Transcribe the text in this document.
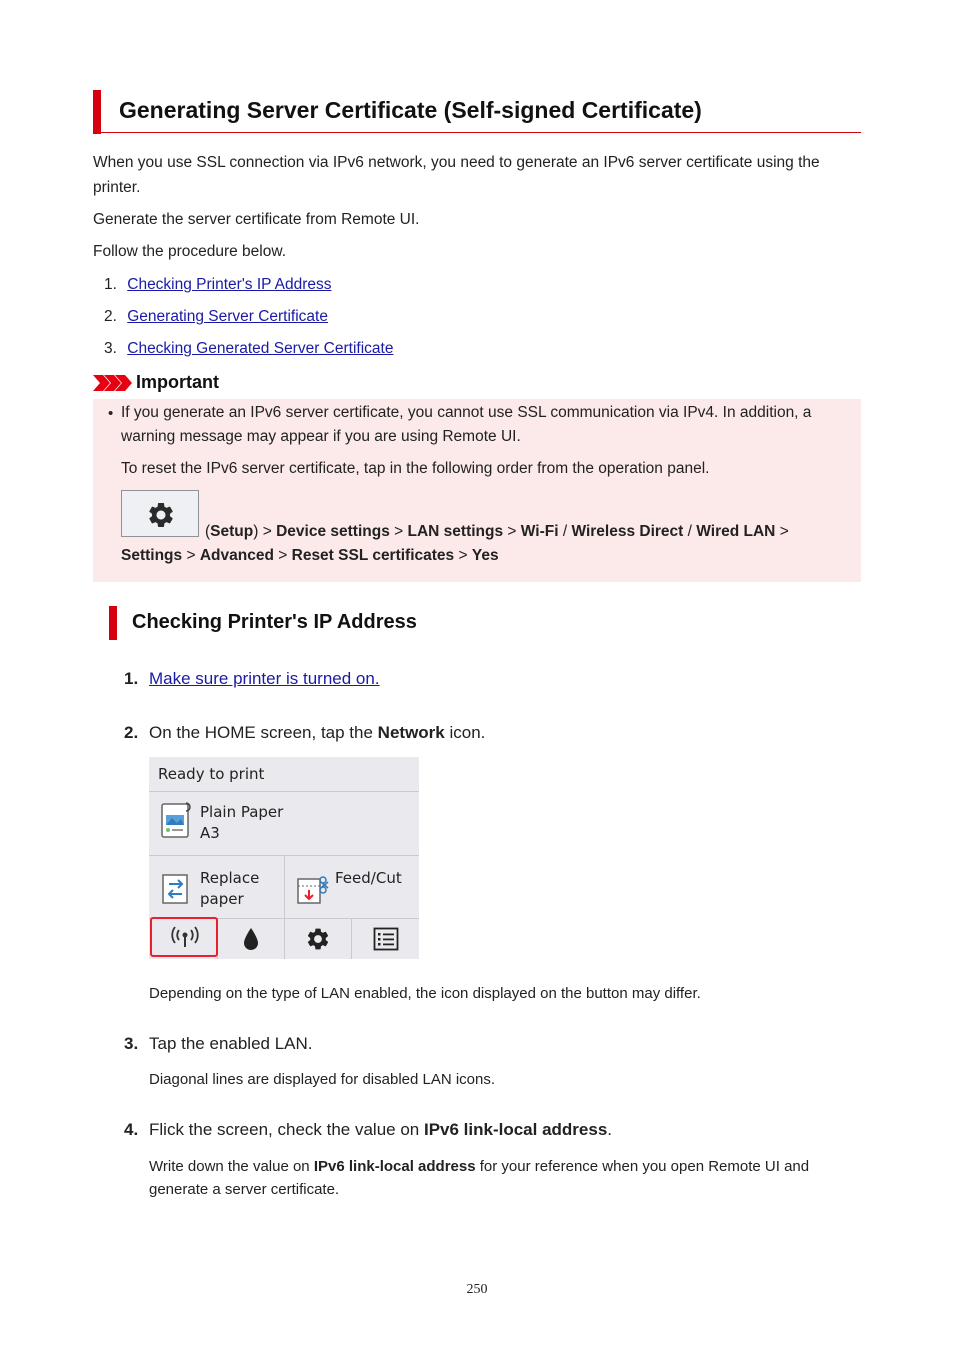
Generating Server Certificate (Self-signed Certificate)

When you use SSL connection via IPv6 network, you need to generate an IPv6 server certificate using the

printer.

Generate the server certificate from Remote UI.

Follow the procedure below.

1. Checking Printer's IP Address
2. Generating Server Certificate
3. Checking Generated Server Certificate
Important
• If you generate an IPv6 server certificate, you cannot use SSL communication via IPv4. In addition, a

warning message may appear if you are using Remote UI.

To reset the IPv6 server certificate, tap in the following order from the operation panel.

(Setup) > Device settings > LAN settings > Wi-Fi / Wireless Direct / Wired LAN >

Settings > Advanced > Reset SSL certificates > Yes

Checking Printer's IP Address
1. Make sure printer is turned on.
2. On the HOME screen, tap the Network icon.

Ready to print
Plain Paper
A3
Replace
paper
Feed/Cut

Depending on the type of LAN enabled, the icon displayed on the button may differ.

3. Tap the enabled LAN.

Diagonal lines are displayed for disabled LAN icons.

4. Flick the screen, check the value on IPv6 link-local address.

Write down the value on IPv6 link-local address for your reference when you open Remote UI and

generate a server certificate.

250
